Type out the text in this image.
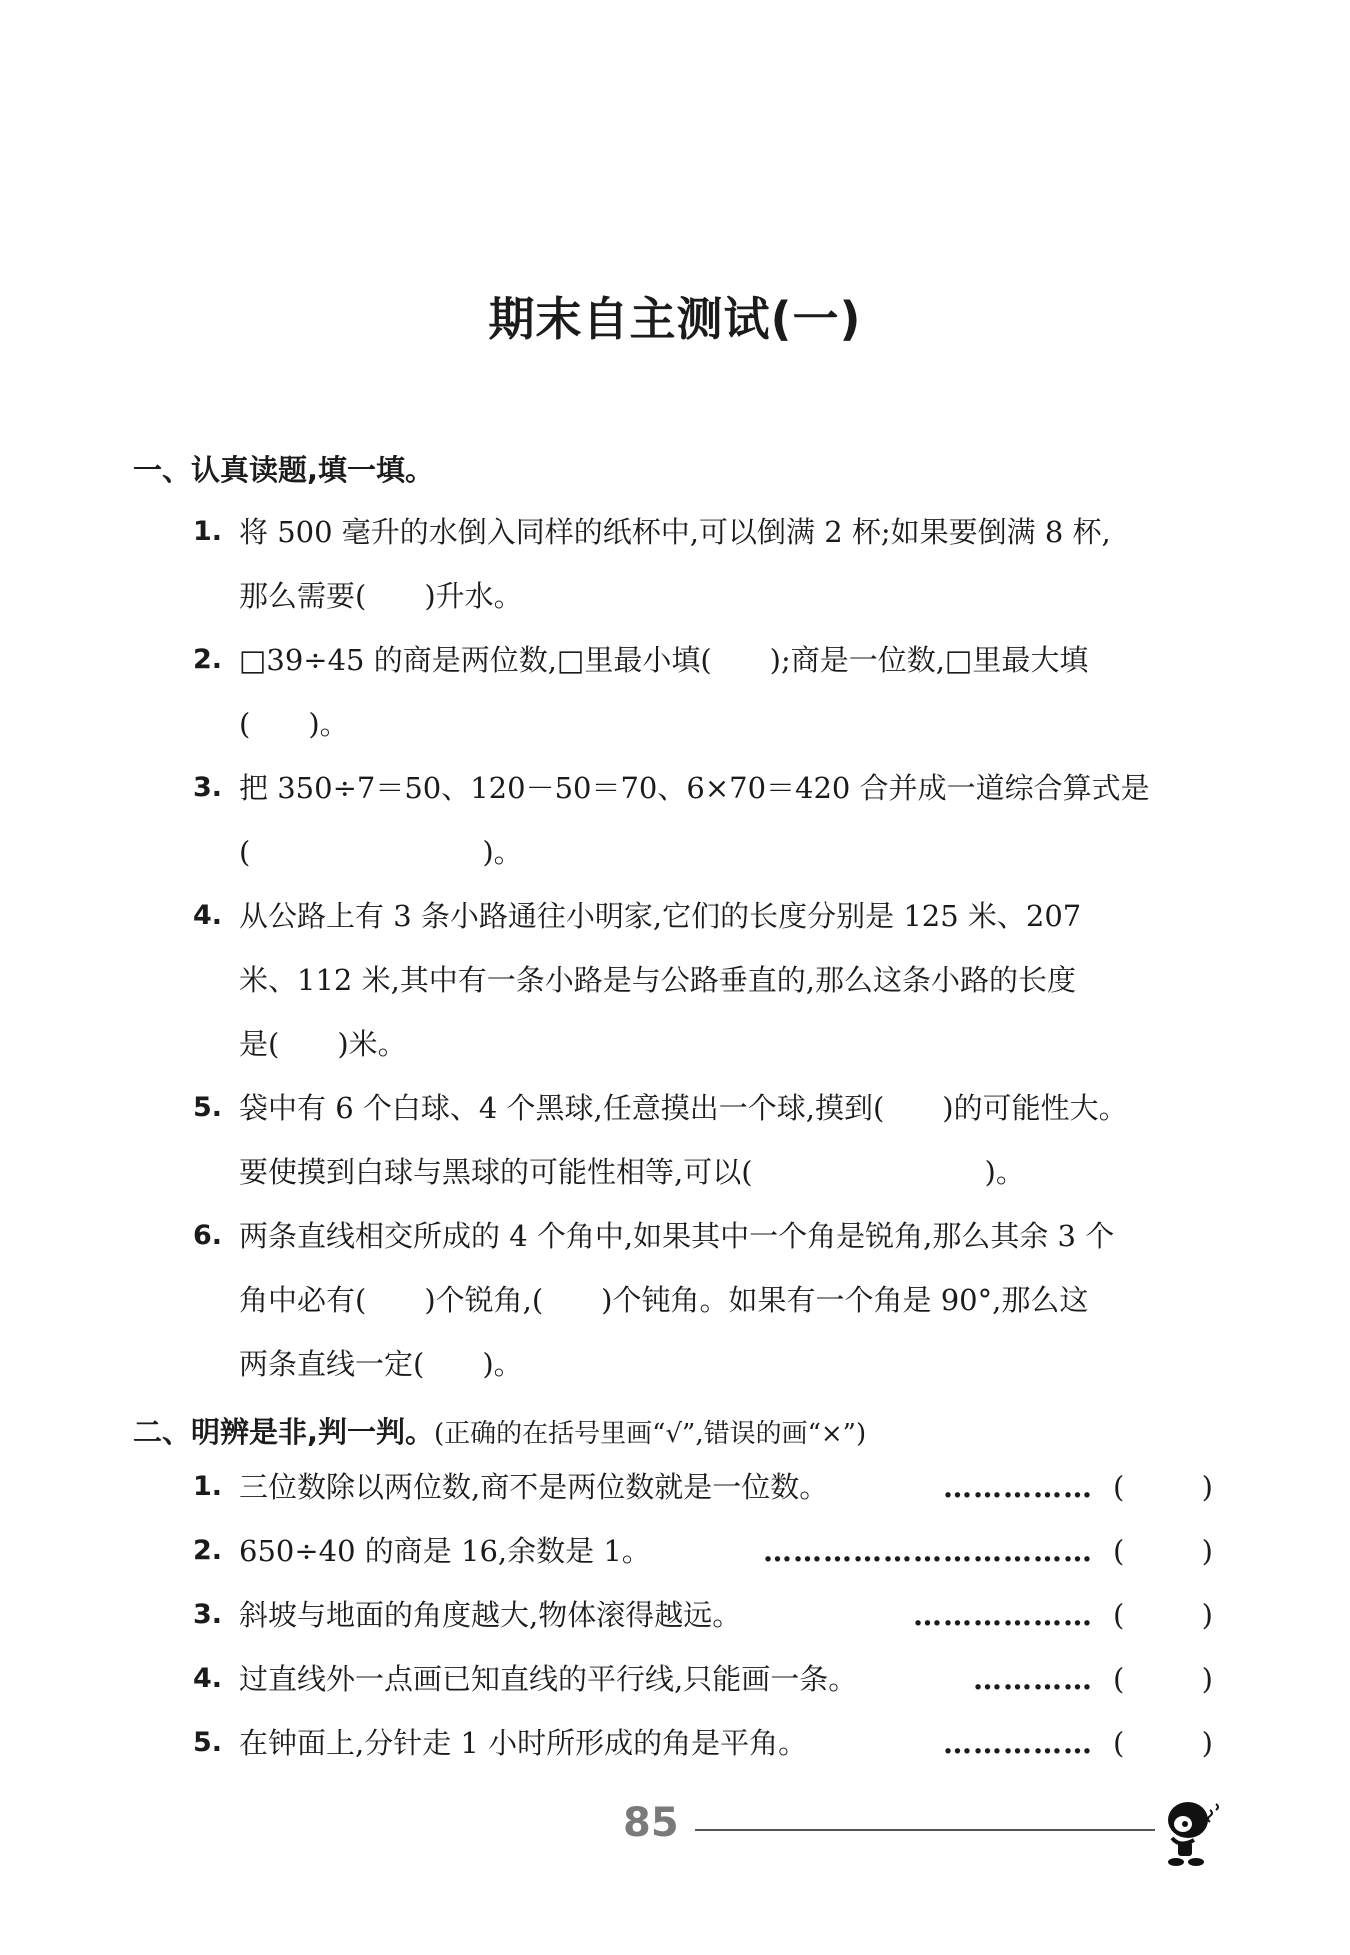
期末自主测试(一)
一、认真读题,填一填。
1. 将 500 毫升的水倒入同样的纸杯中,可以倒满 2 杯;如果要倒满 8 杯,
那么需要(　　)升水。
2. □39÷45 的商是两位数,□里最小填(　　);商是一位数,□里最大填
(　　)。
3. 把 350÷7＝50、120－50＝70、6×70＝420 合并成一道综合算式是
(　　　　　　　　)。
4. 从公路上有 3 条小路通往小明家,它们的长度分别是 125 米、207
米、112 米,其中有一条小路是与公路垂直的,那么这条小路的长度
是(　　)米。
5. 袋中有 6 个白球、4 个黑球,任意摸出一个球,摸到(　　)的可能性大。
要使摸到白球与黑球的可能性相等,可以(　　　　　　　　)。
6. 两条直线相交所成的 4 个角中,如果其中一个角是锐角,那么其余 3 个
角中必有(　　)个锐角,(　　)个钝角。如果有一个角是 90°,那么这
两条直线一定(　　)。
二、明辨是非,判一判。(正确的在括号里画“√”,错误的画“×”)
1. 三位数除以两位数,商不是两位数就是一位数。	…………… (	)
2. 650÷40 的商是 16,余数是 1。	…………………………… (	)
3. 斜坡与地面的角度越大,物体滚得越远。	……………… (	)
4. 过直线外一点画已知直线的平行线,只能画一条。	………… (	)
5. 在钟面上,分针走 1 小时所形成的角是平角。	…………… (	)
85
